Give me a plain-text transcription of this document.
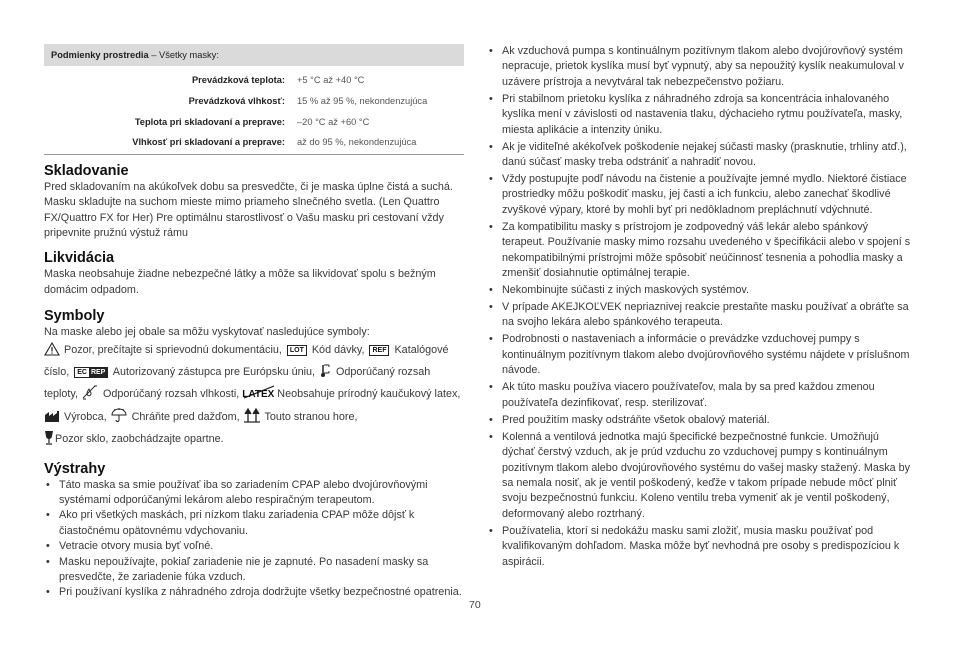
Podmienky prostredia – Všetky masky:
Prevádzková teplota:	+5 °C až +40 °C
Prevádzková vlhkosť:	15 % až 95 %, nekondenzujúca
Teplota pri skladovaní a preprave:	–20 °C až +60 °C
Vlhkosť pri skladovaní a preprave:	až do 95 %, nekondenzujúca
Skladovanie

Pred skladovaním na akúkoľvek dobu sa presvedčte, či je maska úplne čistá a suchá. Masku skladujte na suchom mieste mimo priameho slnečného svetla. (Len Quattro FX/Quattro FX for Her) Pre optimálnu starostlivosť o Vašu masku pri cestovaní vždy pripevnite pružnú výstuž rámu

Likvidácia

Maska neobsahuje žiadne nebezpečné látky a môže sa likvidovať spolu s bežným domácim odpadom.

Symboly

Na maske alebo jej obale sa môžu vyskytovať nasledujúce symboly:

Pozor, prečítajte si sprievodnú dokumentáciu, LOT Kód dávky, REF Katalógové číslo, EC REP Autorizovaný zástupca pre Európsku úniu,  Odporúčaný rozsah teploty,  Odporúčaný rozsah vlhkosti, LATEX
Neobsahuje prírodný kaučukový latex,  Výrobca,  Chráňte pred dažďom,  Touto stranou hore,
Pozor sklo, zaobchádzajte opartne.
Výstrahy
• Táto maska sa smie používať iba so zariadením CPAP alebo dvojúrovňovými systémami odporúčanými lekárom alebo respiračným terapeutom.
• Ako pri všetkých maskách, pri nízkom tlaku zariadenia CPAP môže dôjsť k čiastočnému opätovnému vdychovaniu.
• Vetracie otvory musia byť voľné.
• Masku nepoužívajte, pokiaľ zariadenie nie je zapnuté. Po nasadení masky sa presvedčte, že zariadenie fúka vzduch.
• Pri používaní kyslíka z náhradného zdroja dodržujte všetky bezpečnostné opatrenia.
• Ak vzduchová pumpa s kontinuálnym pozitívnym tlakom alebo dvojúrovňový systém nepracuje, prietok kyslíka musí byť vypnutý, aby sa nepoužitý kyslík neakumuloval v uzávere prístroja a nevytváral tak nebezpečenstvo požiaru.
• Pri stabilnom prietoku kyslíka z náhradného zdroja sa koncentrácia inhalovaného kyslíka mení v závislosti od nastavenia tlaku, dýchacieho rytmu používateľa, masky, miesta aplikácie a intenzity úniku.
• Ak je viditeľné akékoľvek poškodenie nejakej súčasti masky (prasknutie, trhliny atď.), danú súčasť masky treba odstrániť a nahradiť novou.
• Vždy postupujte podľ návodu na čistenie a používajte jemné mydlo. Niektoré čistiace prostriedky môžu poškodiť masku, jej časti a ich funkciu, alebo zanechať škodlivé zvyškové výpary, ktoré by mohli byť pri nedôkladnom prepláchnutí vdýchnuté.
• Za kompatibilitu masky s prístrojom je zodpovedný váš lekár alebo spánkový terapeut. Používanie masky mimo rozsahu uvedeného v špecifikácii alebo v spojení s nekompatibilnými prístrojmi môže spôsobiť neúčinnosť tesnenia a pohodlia masky a zmenšiť dosiahnutie optimálnej terapie.
• Nekombinujte súčasti z iných maskových systémov.
• V prípade AKEJKOĽVEK nepriaznivej reakcie prestaňte masku používať a obráťte sa na svojho lekára alebo spánkového terapeuta.
• Podrobnosti o nastaveniach a informácie o prevádzke vzduchovej pumpy s kontinuálnym pozitívnym tlakom alebo dvojúrovňového systému nájdete v príslušnom návode.
• Ak túto masku používa viacero používateľov, mala by sa pred každou zmenou používateľa dezinfikovať, resp. sterilizovať.
• Pred použitím masky odstráňte všetok obalový materiál.
• Kolenná a ventilová jednotka majú špecifické bezpečnostné funkcie. Umožňujú dýchať čerstvý vzduch, ak je prúd vzduchu zo vzduchovej pumpy s kontinuálnym pozitívnym tlakom alebo dvojúrovňového systému do vašej masky stažený. Maska by sa nemala nosiť, ak je ventil poškodený, keďže v takom prípade nebude môcť plniť svoju bezpečnostnú funkciu. Koleno ventilu treba vymeniť ak je ventil poškodený, deformovaný alebo roztrhaný.
• Používatelia, ktorí si nedokážu masku sami zložiť, musia masku používať pod kvalifikovaným dohľadom. Maska môže byť nevhodná pre osoby s predispozíciou k aspirácii.
70
